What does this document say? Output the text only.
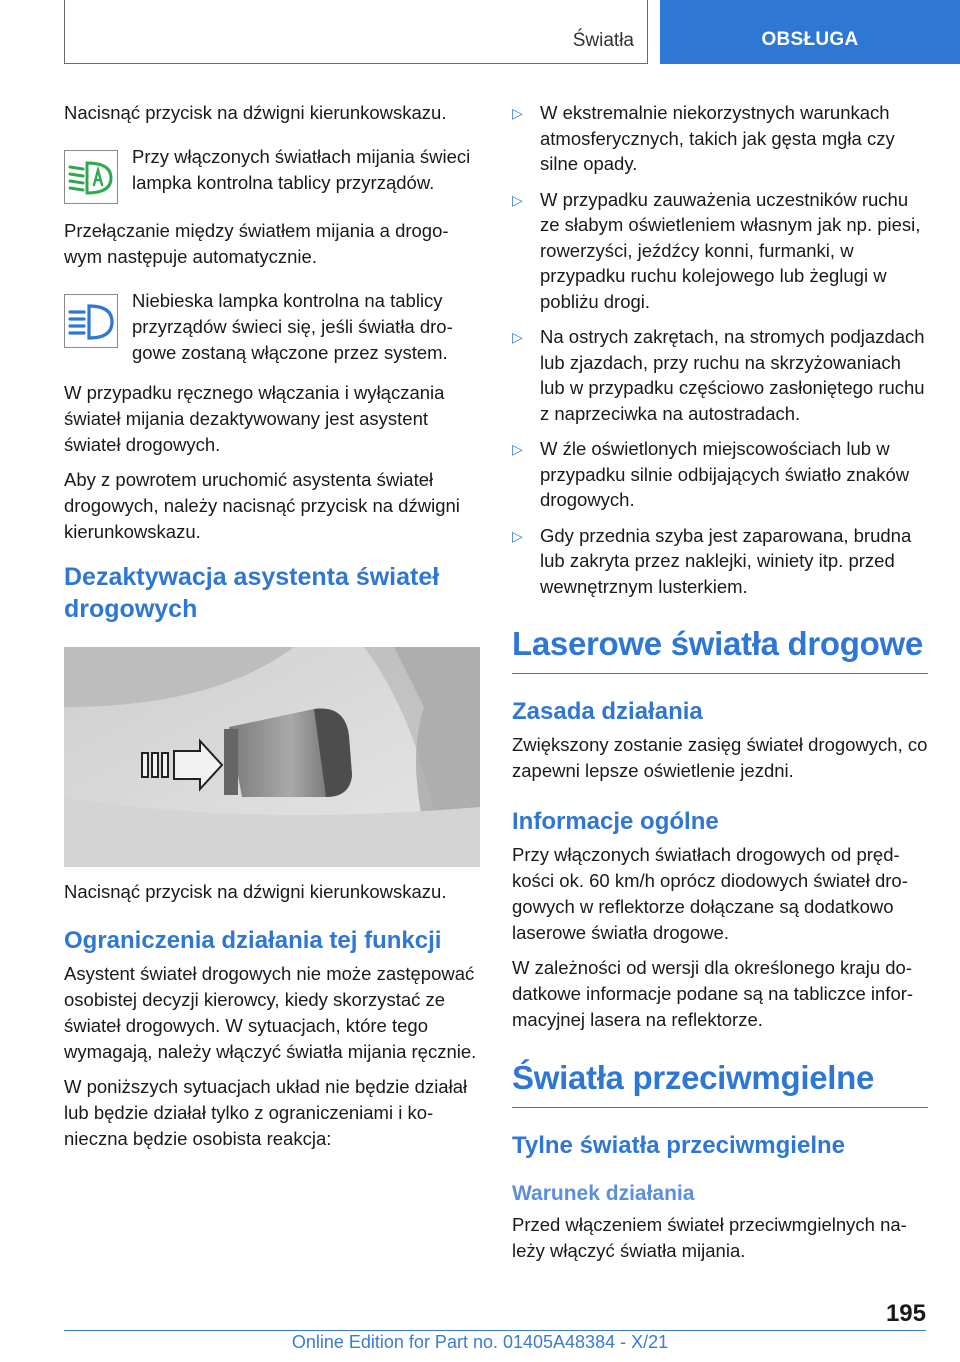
Światła	OBSŁUGA

Nacisnąć przycisk na dźwigni kierunkowskazu.

Przy włączonych światłach mijania świeci lampka kontrolna tablicy przyrządów.

Przełączanie między światłem mijania a drogowym następuje automatycznie.

Niebieska lampka kontrolna na tablicy przyrządów świeci się, jeśli światła drogowe zostaną włączone przez system.

W przypadku ręcznego włączania i wyłączania świateł mijania dezaktywowany jest asystent świateł drogowych.

Aby z powrotem uruchomić asystenta świateł drogowych, należy nacisnąć przycisk na dźwigni kierunkowskazu.

Dezaktywacja asystenta świateł drogowych

Nacisnąć przycisk na dźwigni kierunkowskazu.

Ograniczenia działania tej funkcji

Asystent świateł drogowych nie może zastępować osobistej decyzji kierowcy, kiedy skorzystać ze świateł drogowych. W sytuacjach, które tego wymagają, należy włączyć światła mijania ręcznie.

W poniższych sytuacjach układ nie będzie działał lub będzie działał tylko z ograniczeniami i konieczna będzie osobista reakcja:

▷ W ekstremalnie niekorzystnych warunkach atmosferycznych, takich jak gęsta mgła czy silne opady.
▷ W przypadku zauważenia uczestników ruchu ze słabym oświetleniem własnym jak np. piesi, rowerzyści, jeźdźcy konni, furmanki, w przypadku ruchu kolejowego lub żeglugi w pobliżu drogi.
▷ Na ostrych zakrętach, na stromych podjazdach lub zjazdach, przy ruchu na skrzyżowaniach lub w przypadku częściowo zasłoniętego ruchu z naprzeciwka na autostradach.
▷ W źle oświetlonych miejscowościach lub w przypadku silnie odbijających światło znaków drogowych.
▷ Gdy przednia szyba jest zaparowana, brudna lub zakryta przez naklejki, winiety itp. przed wewnętrznym lusterkiem.
Laserowe światła drogowe
Zasada działania

Zwiększony zostanie zasięg świateł drogowych, co zapewni lepsze oświetlenie jezdni.

Informacje ogólne

Przy włączonych światłach drogowych od prędkości ok. 60 km/h oprócz diodowych świateł drogowych w reflektorze dołączane są dodatkowo laserowe światła drogowe.

W zależności od wersji dla określonego kraju dodatkowe informacje podane są na tabliczce informacyjnej lasera na reflektorze.

Światła przeciwmgielne
Tylne światła przeciwmgielne
Warunek działania

Przed włączeniem świateł przeciwmgielnych należy włączyć światła mijania.

195
Online Edition for Part no. 01405A48384 - X/21
